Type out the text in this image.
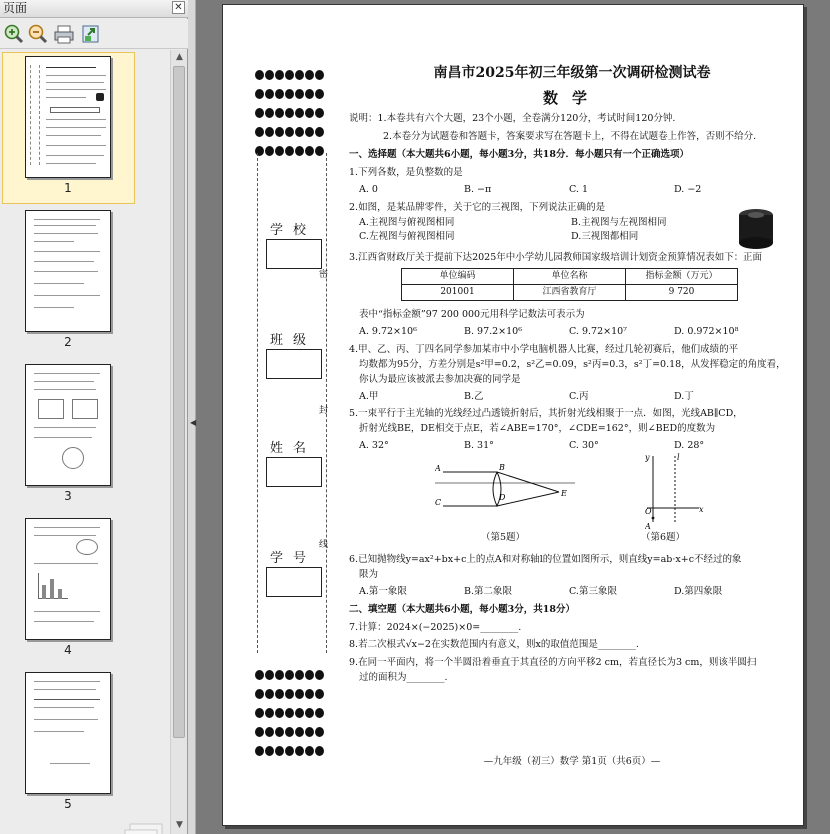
页面	✕
1
2
3
4
5
▲
▼
◀
学校
班级
姓名
学号
密
封
线
南昌市2025年初三年级第一次调研检测试卷
数学
说明：1.本卷共有六个大题，23个小题，全卷满分120分，考试时间120分钟.
2.本卷分为试题卷和答题卡，答案要求写在答题卡上，不得在试题卷上作答，否则不给分.
一、选择题（本大题共6小题，每小题3分，共18分．每小题只有一个正确选项）
1.下列各数，是负整数的是
A. 0	B. −π	C. 1	D. −2
2.如图，是某品牌零件，关于它的三视图，下列说法正确的是
A.主视图与俯视图相同	B.主视图与左视图相同
C.左视图与俯视图相同	D.三视图都相同
3.江西省财政厅关于提前下达2025年中小学幼儿园教师国家级培训计划资金预算情况表如下：
单位编码	单位名称	指标金额（万元）
201001	江西省教育厅	9 720
表中“指标金额”97 200 000元用科学记数法可表示为
A. 9.72×10⁶	B. 97.2×10⁶	C. 9.72×10⁷	D. 0.972×10⁸
4.甲、乙、丙、丁四名同学参加某市中小学电脑机器人比赛，经过几轮初赛后，他们成绩的平
均数都为95分，方差分别是s²甲=0.2，s²乙=0.09，s²丙=0.3，s²丁=0.18，从发挥稳定的角度看，
你认为最应该被派去参加决赛的同学是
A.甲	B.乙	C.丙	D.丁
5.一束平行于主光轴的光线经过凸透镜折射后，其折射光线相聚于一点．如图，光线AB∥CD，
折射光线BE，DE相交于点E，若∠ABE=170°，∠CDE=162°，则∠BED的度数为
A. 32°	B. 31°	C. 30°	D. 28°
A
C
B
D	E
（第5题）
y	l
O	x
A
（第6题）
6.已知抛物线y=ax²+bx+c上的点A和对称轴l的位置如图所示，则直线y=ab·x+c不经过的象
限为
A.第一象限	B.第二象限	C.第三象限	D.第四象限
二、填空题（本大题共6小题，每小题3分，共18分）
7.计算：2024×(−2025)×0=________.
8.若二次根式√x−2在实数范围内有意义，则x的取值范围是________.
9.在同一平面内，将一个半圆沿着垂直于其直径的方向平移2 cm，若直径长为3 cm，则该半圆扫
过的面积为________.
正面
—九年级（初三）数学 第1页（共6页）—
